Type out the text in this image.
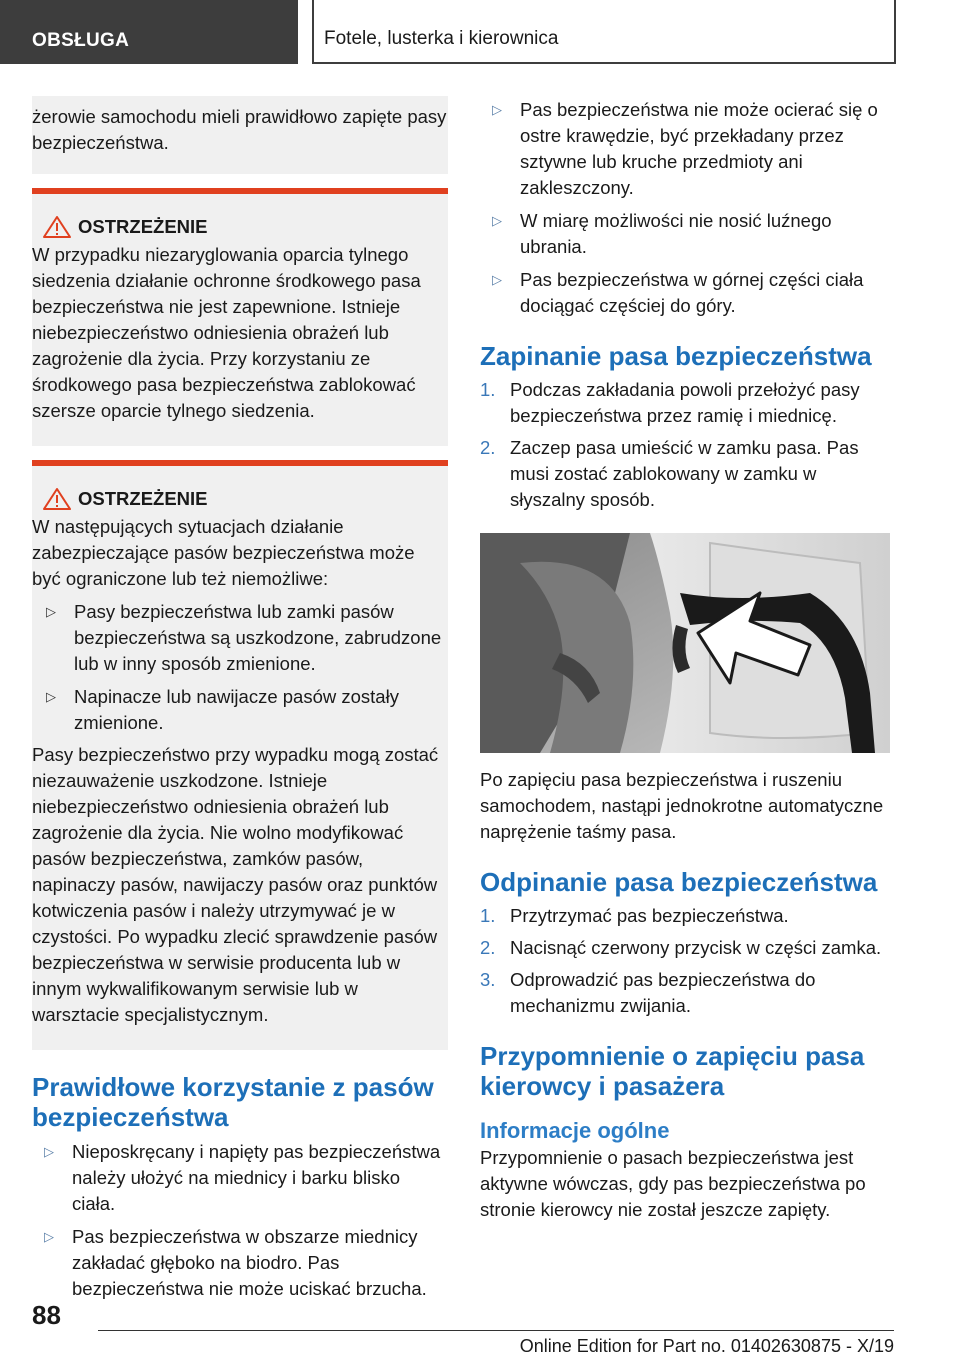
OBSŁUGA	Fotele, lusterka i kierownica

żerowie samochodu mieli prawidłowo zapięte pasy bezpieczeństwa.

OSTRZEŻENIE

W przypadku niezaryglowania oparcia tylnego siedzenia działanie ochronne środkowego pasa bezpieczeństwa nie jest zapewnione. Istnieje niebezpieczeństwo odniesienia obrażeń lub zagrożenie dla życia. Przy korzystaniu ze środkowego pasa bezpieczeństwa zablokować szersze oparcie tylnego siedzenia.

OSTRZEŻENIE

W następujących sytuacjach działanie zabezpieczające pasów bezpieczeństwa może być ograniczone lub też niemożliwe:

▷ Pasy bezpieczeństwa lub zamki pasów bezpieczeństwa są uszkodzone, zabrudzone lub w inny sposób zmienione.
▷ Napinacze lub nawijacze pasów zostały zmienione.

Pasy bezpieczeństwo przy wypadku mogą zostać niezauważenie uszkodzone. Istnieje niebezpieczeństwo odniesienia obrażeń lub zagrożenie dla życia. Nie wolno modyfikować pasów bezpieczeństwa, zamków pasów, napinaczy pasów, nawijaczy pasów oraz punktów kotwiczenia pasów i należy utrzymywać je w czystości. Po wypadku zlecić sprawdzenie pasów bezpieczeństwa w serwisie producenta lub w innym wykwalifikowanym serwisie lub w warsztacie specjalistycznym.

Prawidłowe korzystanie z pasów bezpieczeństwa
▷ Nieposkręcany i napięty pas bezpieczeństwa należy ułożyć na miednicy i barku blisko ciała.
▷ Pas bezpieczeństwa w obszarze miednicy zakładać głęboko na biodro. Pas bezpieczeństwa nie może uciskać brzucha.
▷ Pas bezpieczeństwa nie może ocierać się o ostre krawędzie, być przekładany przez sztywne lub kruche przedmioty ani zakleszczony.
▷ W miarę możliwości nie nosić luźnego ubrania.
▷ Pas bezpieczeństwa w górnej części ciała dociągać częściej do góry.
Zapinanie pasa bezpieczeństwa
1. Podczas zakładania powoli przełożyć pasy bezpieczeństwa przez ramię i miednicę.
2. Zaczep pasa umieścić w zamku pasa. Pas musi zostać zablokowany w zamku w słyszalny sposób.

Po zapięciu pasa bezpieczeństwa i ruszeniu samochodem, nastąpi jednokrotne automatyczne naprężenie taśmy pasa.

Odpinanie pasa bezpieczeństwa
1. Przytrzymać pas bezpieczeństwa.
2. Nacisnąć czerwony przycisk w części zamka.
3. Odprowadzić pas bezpieczeństwa do mechanizmu zwijania.
Przypomnienie o zapięciu pasa kierowcy i pasażera
Informacje ogólne

Przypomnienie o pasach bezpieczeństwa jest aktywne wówczas, gdy pas bezpieczeństwa po stronie kierowcy nie został jeszcze zapięty.

88
Online Edition for Part no. 01402630875 - X/19
